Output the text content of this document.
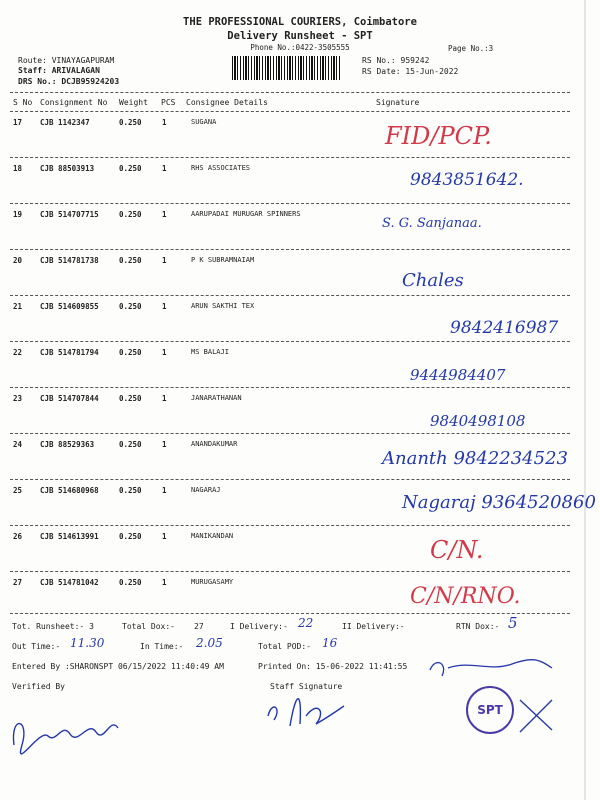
THE PROFESSIONAL COURIERS, Coimbatore
Delivery Runsheet - SPT
Phone No.:0422-3505555	Page No.:3
Route: VINAYAGAPURAM
Staff: ARIVALAGAN
DRS No.: DCJB95924203
RS No.: 959242
RS Date: 15-Jun-2022
S No Consignment No Weight PCS Consignee Details	Signature
17 CJB 1142347	0.250	1	SUGANA	FID/PCP.
18 CJB 88503913	0.250	1	RHS ASSOCIATES
9843851642.
19 CJB 514707715	0.250	1	AARUPADAI MURUGAR SPINNERS
S. G. Sanjanaa.
20 CJB 514781738	0.250	1	P K SUBRAMNAIAM
Chales
21 CJB 514609855	0.250	1	ARUN SAKTHI TEX
9842416987
22 CJB 514781794	0.250	1	MS BALAJI
9444984407
23 CJB 514707844	0.250	1	JANARATHANAN
9840498108
24 CJB 88529363	0.250	1	ANANDAKUMAR
Ananth 9842234523
25 CJB 514680968	0.250	1	NAGARAJ
Nagaraj 9364520860
26 CJB 514613991	0.250	1	MANIKANDAN	C/N.
27 CJB 514781042	0.250	1	MURUGASAMY
C/N/RNO.
Tot. Runsheet:- 3	Total Dox:- 27	I Delivery:- 22	II Delivery:-	RTN Dox:- 5
Out Time:- 11.30	In Time:- 2.05	Total POD:- 16
Entered By :SHARONSPT 06/15/2022 11:40:49 AM	Printed On: 15-06-2022 11:41:55
Verified By	Staff Signature
SPT
